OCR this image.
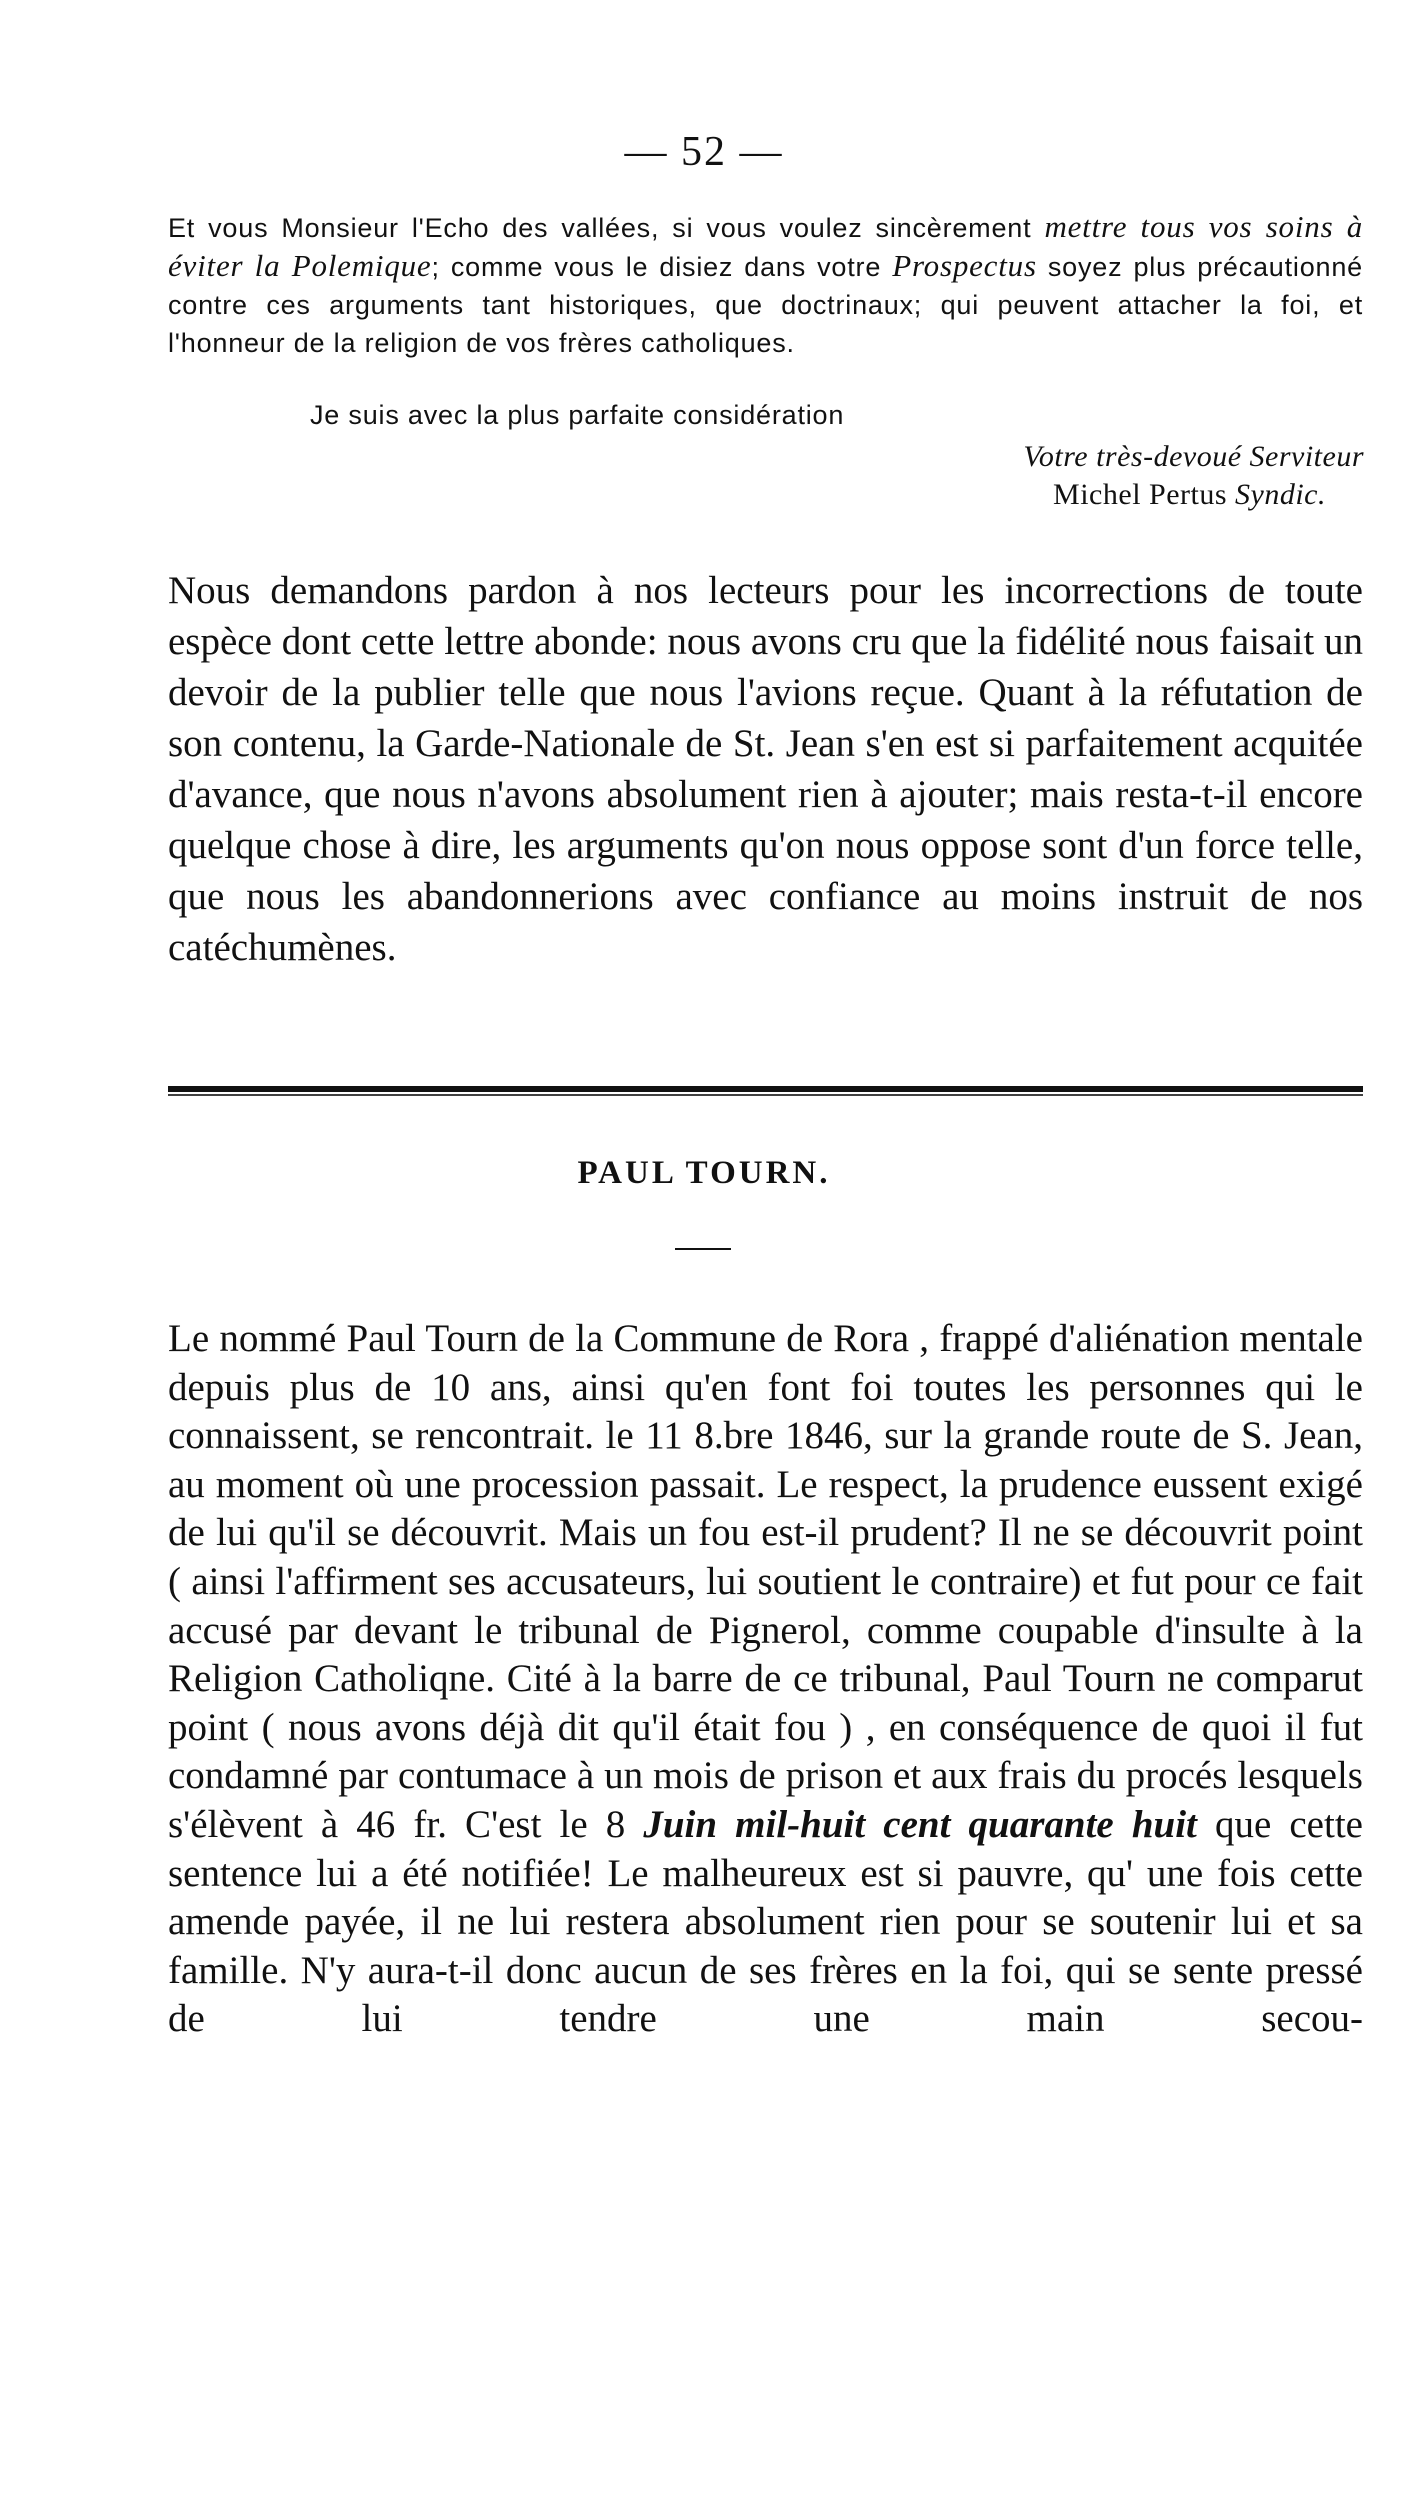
— 52 —

Et vous Monsieur l'Echo des vallées, si vous voulez sincèrement mettre tous vos soins à éviter la Polemique; comme vous le disiez dans votre Prospectus soyez plus précautionné contre ces arguments tant historiques, que doctrinaux; qui peuvent attacher la foi, et l'honneur de la religion de vos frères catholiques.

Je suis avec la plus parfaite considération
Votre très-devoué Serviteur
Michel Pertus Syndic.
Nous demandons pardon à nos lecteurs pour les incorrections de toute espèce dont cette lettre abonde: nous avons cru que la fidélité nous faisait un devoir de la publier telle que nous l'avions reçue. Quant à la réfutation de son contenu, la Garde-Nationale de St. Jean s'en est si parfaitement acquitée d'avance, que nous n'avons absolument rien à ajouter; mais resta-t-il encore quelque chose à dire, les arguments qu'on nous oppose sont d'un force telle, que nous les abandonnerions avec confiance au moins instruit de nos catéchumènes.
PAUL TOURN.
Le nommé Paul Tourn de la Commune de Rora , frappé d'aliénation mentale depuis plus de 10 ans, ainsi qu'en font foi toutes les personnes qui le connaissent, se rencontrait. le 11 8.bre 1846, sur la grande route de S. Jean, au moment où une procession passait. Le respect, la prudence eussent exigé de lui qu'il se découvrit. Mais un fou est-il prudent? Il ne se découvrit point ( ainsi l'affirment ses accusateurs, lui soutient le contraire) et fut pour ce fait accusé par devant le tribunal de Pignerol, comme coupable d'insulte à la Religion Catholiqne. Cité à la barre de ce tribunal, Paul Tourn ne comparut point ( nous avons déjà dit qu'il était fou ) , en conséquence de quoi il fut condamné par contumace à un mois de prison et aux frais du procés lesquels s'élèvent à 46 fr. C'est le 8 Juin mil-huit cent quarante huit que cette sentence lui a été notifiée! Le malheureux est si pauvre, qu' une fois cette amende payée, il ne lui restera absolument rien pour se soutenir lui et sa famille. N'y aura-t-il donc aucun de ses frères en la foi, qui se sente pressé de lui tendre une main secou-
